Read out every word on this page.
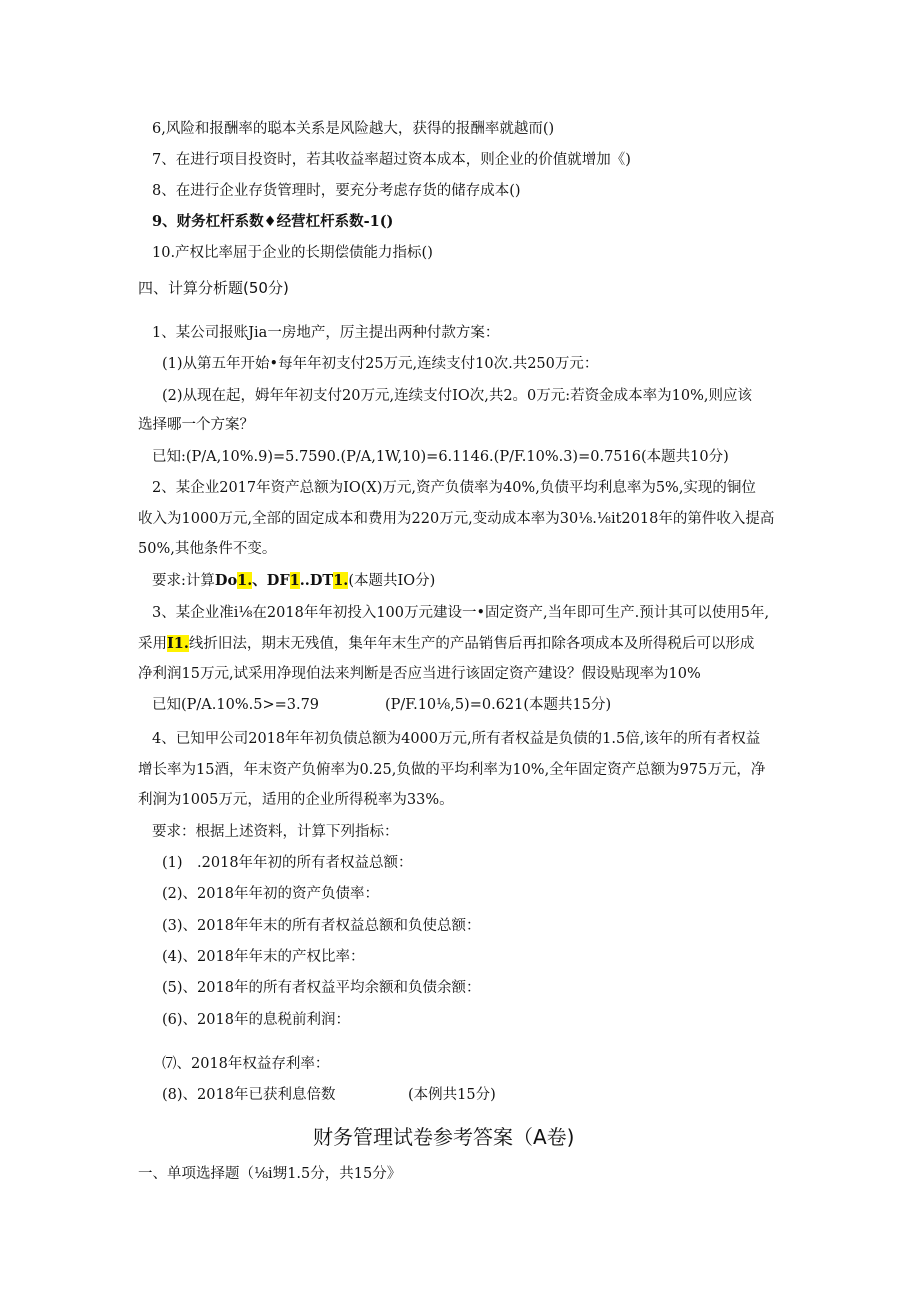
6,风险和报酬率的聪本关系是风险越大，获得的报酬率就越而()
7、在进行项目投资时，若其收益率超过资本成本，则企业的价值就增加《)
8、在进行企业存货管理时，要充分考虑存货的储存成本()
9、财务杠杆系数♦经营杠杆系数-1()
10.产权比率屈于企业的长期偿债能力指标()
四、计算分析题(50分)
1、某公司报账Jia一房地产，厉主提出两种付款方案：
(1)从第五年开始•每年年初支付25万元,连续支付10次.共250万元：
(2)从现在起，姆年年初支付20万元,连续支付IO次,共2。0万元:若资金成本率为10%,则应该
选择哪一个方案？
已知:(P/A,10%.9)=5.7590.(P/A,1W,10)=6.1146.(P/F.10%.3)=0.7516(本题共10分)
2、某企业2017年资产总额为IO(X)万元,资产负债率为40%,负债平均利息率为5%,实现的铜位
收入为1000万元,全部的固定成本和费用为220万元,变动成本率为30⅛.⅛it2018年的第件收入提高
50%,其他条件不变。
要求:计算Do1.、DF1..DT1.(本题共IO分)
3、某企业准i⅛在2018年年初投入100万元建设一•固定资产,当年即可生产.预计其可以使用5年,
采用I1.线折旧法，期末无残值，集年年末生产的产品销售后再扣除各项成本及所得税后可以形成
净利润15万元,试采用净现伯法来判断是否应当进行该固定资产建设？假设贴现率为10%
已知(P/A.10%.5>=3.79	(P/F.10⅛,5)=0.621(本题共15分)
4、已知甲公司2018年年初负债总额为4000万元,所有者权益是负债的1.5倍,该年的所有者权益
增长率为15酒，年末资产负俯率为0.25,负做的平均利率为10%,全年固定资产总额为975万元，净
利涧为1005万元，适用的企业所得税率为33%。
要求：根据上述资料，计算下列指标：
(1)　.2018年年初的所有者权益总额：
(2)、2018年年初的资产负债率：
(3)、2018年年末的所有者权益总额和负使总额：
(4)、2018年年末的产权比率：
(5)、2018年的所有者权益平均余额和负债余额：
(6)、2018年的息税前利润：
⑺、2018年权益存利率：
(8)、2018年已获利息倍数	(本例共15分)
财务管理试卷参考答案（A卷)
一、单项选择题（⅛i甥1.5分，共15分》
